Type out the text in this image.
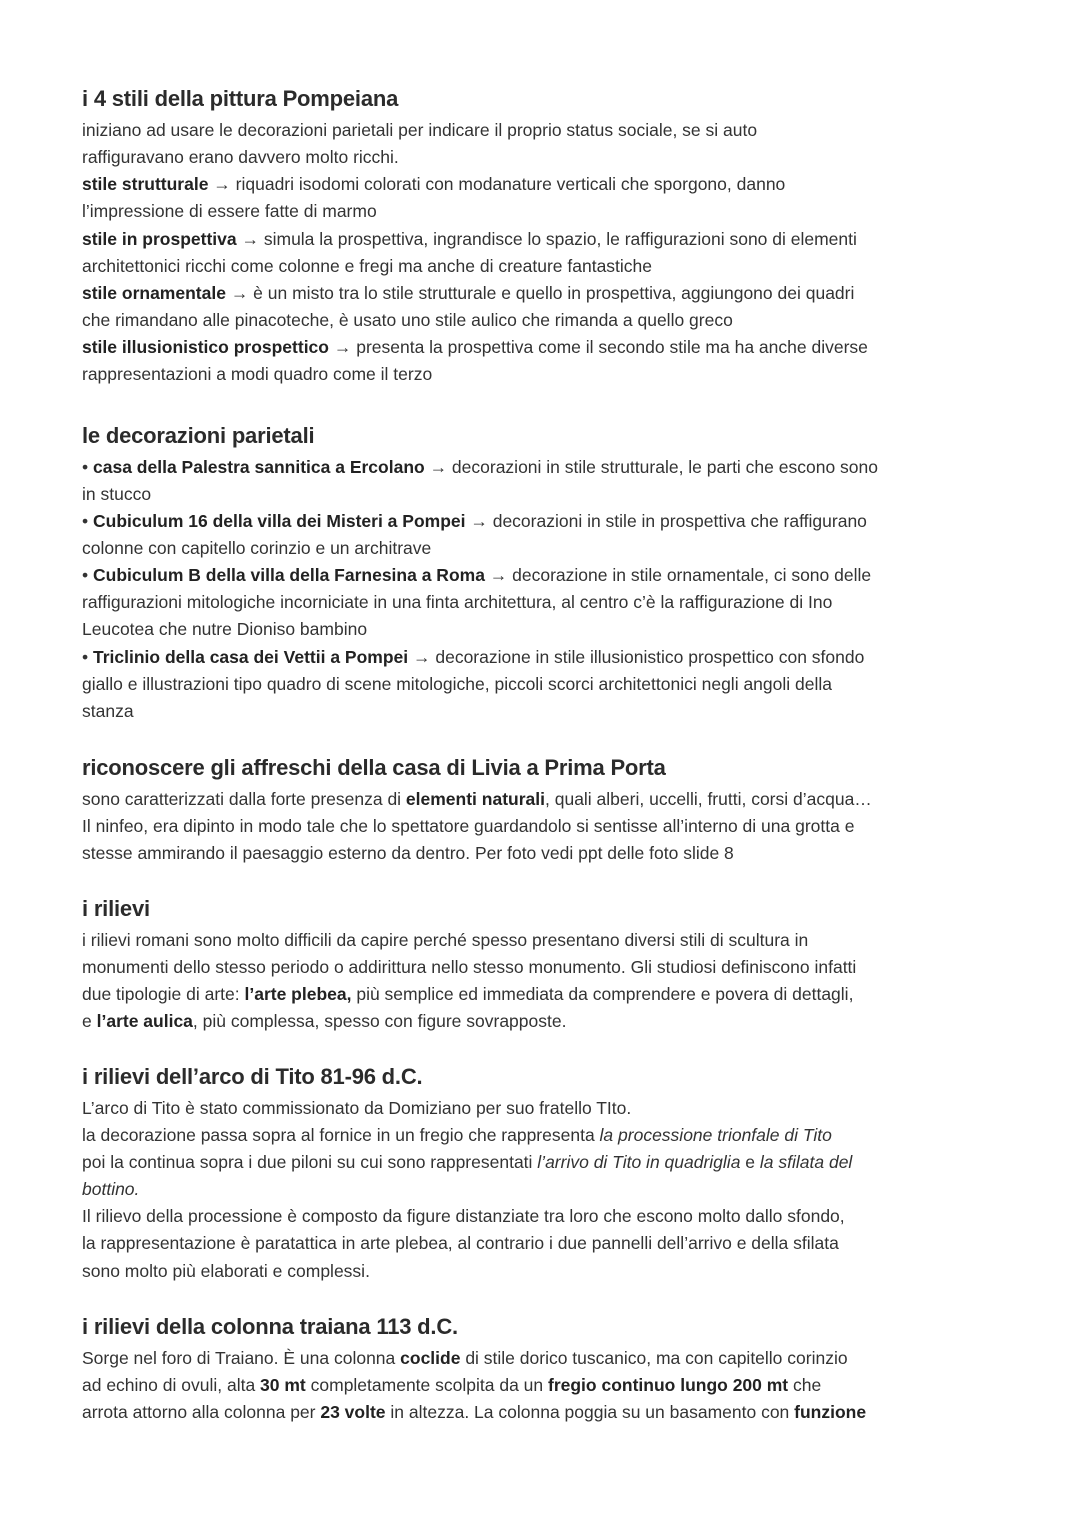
i 4 stili della pittura Pompeiana

iniziano ad usare le decorazioni parietali per indicare il proprio status sociale, se si auto

raffiguravano erano davvero molto ricchi.

stile strutturale → riquadri isodomi colorati con modanature verticali che sporgono, danno

l’impressione di essere fatte di marmo

stile in prospettiva → simula la prospettiva, ingrandisce lo spazio, le raffigurazioni sono di elementi

architettonici ricchi come colonne e fregi ma anche di creature fantastiche

stile ornamentale → è un misto tra lo stile strutturale e quello in prospettiva, aggiungono dei quadri

che rimandano alle pinacoteche, è usato uno stile aulico che rimanda a quello greco

stile illusionistico prospettico → presenta la prospettiva come il secondo stile ma ha anche diverse

rappresentazioni a modi quadro come il terzo

le decorazioni parietali

• casa della Palestra sannitica a Ercolano → decorazioni in stile strutturale, le parti che escono sono

in stucco

• Cubiculum 16 della villa dei Misteri a Pompei → decorazioni in stile in prospettiva che raffigurano

colonne con capitello corinzio e un architrave

• Cubiculum B della villa della Farnesina a Roma → decorazione in stile ornamentale, ci sono delle

raffigurazioni mitologiche incorniciate in una finta architettura, al centro c’è la raffigurazione di Ino

Leucotea che nutre Dioniso bambino

• Triclinio della casa dei Vettii a Pompei → decorazione in stile illusionistico prospettico con sfondo

giallo e illustrazioni tipo quadro di scene mitologiche, piccoli scorci architettonici negli angoli della

stanza

riconoscere gli affreschi della casa di Livia a Prima Porta

sono caratterizzati dalla forte presenza di elementi naturali, quali alberi, uccelli, frutti, corsi d’acqua…

Il ninfeo, era dipinto in modo tale che lo spettatore guardandolo si sentisse all’interno di una grotta e

stesse ammirando il paesaggio esterno da dentro. Per foto vedi ppt delle foto slide 8

i rilievi

i rilievi romani sono molto difficili da capire perché spesso presentano diversi stili di scultura in

monumenti dello stesso periodo o addirittura nello stesso monumento. Gli studiosi definiscono infatti

due tipologie di arte: l’arte plebea, più semplice ed immediata da comprendere e povera di dettagli,

e l’arte aulica, più complessa, spesso con figure sovrapposte.

i rilievi dell’arco di Tito 81-96 d.C.

L’arco di Tito è stato commissionato da Domiziano per suo fratello TIto.

la decorazione passa sopra al fornice in un fregio che rappresenta la processione trionfale di Tito

poi la continua sopra i due piloni su cui sono rappresentati l’arrivo di Tito in quadriglia e la sfilata del

bottino.

Il rilievo della processione è composto da figure distanziate tra loro che escono molto dallo sfondo,

la rappresentazione è paratattica in arte plebea, al contrario i due pannelli dell’arrivo e della sfilata

sono molto più elaborati e complessi.

i rilievi della colonna traiana 113 d.C.

Sorge nel foro di Traiano. È una colonna coclide di stile dorico tuscanico, ma con capitello corinzio

ad echino di ovuli, alta 30 mt completamente scolpita da un fregio continuo lungo 200 mt che

arrota attorno alla colonna per 23 volte in altezza. La colonna poggia su un basamento con funzione
